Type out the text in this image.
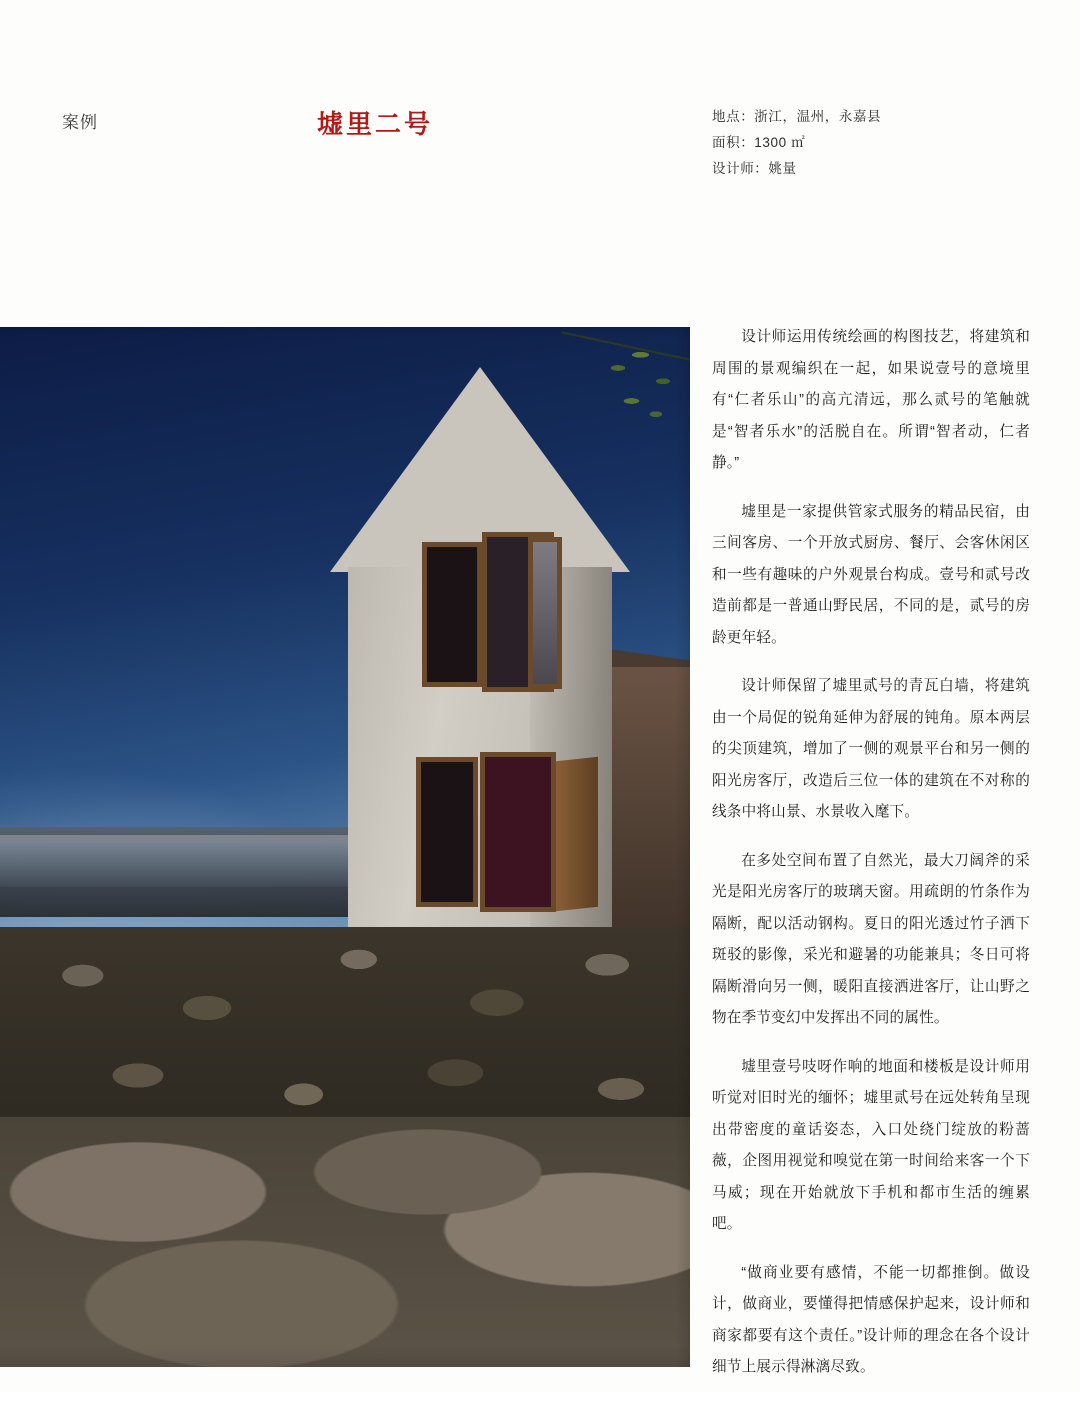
案例	墟里二号	地点：浙江，温州，永嘉县
面积：1300 ㎡
设计师：姚量

设计师运用传统绘画的构图技艺，将建筑和周围的景观编织在一起，如果说壹号的意境里有“仁者乐山”的高亢清远，那么贰号的笔触就是“智者乐水”的活脱自在。所谓“智者动，仁者静。”

墟里是一家提供管家式服务的精品民宿，由三间客房、一个开放式厨房、餐厅、会客休闲区和一些有趣味的户外观景台构成。壹号和贰号改造前都是一普通山野民居，不同的是，贰号的房龄更年轻。

设计师保留了墟里贰号的青瓦白墙，将建筑由一个局促的锐角延伸为舒展的钝角。原本两层的尖顶建筑，增加了一侧的观景平台和另一侧的阳光房客厅，改造后三位一体的建筑在不对称的线条中将山景、水景收入麾下。

在多处空间布置了自然光，最大刀阔斧的采光是阳光房客厅的玻璃天窗。用疏朗的竹条作为隔断，配以活动钢构。夏日的阳光透过竹子洒下斑驳的影像，采光和避暑的功能兼具；冬日可将隔断滑向另一侧，暖阳直接洒进客厅，让山野之物在季节变幻中发挥出不同的属性。

墟里壹号吱呀作响的地面和楼板是设计师用听觉对旧时光的缅怀；墟里贰号在远处转角呈现出带密度的童话姿态，入口处绕门绽放的粉蔷薇，企图用视觉和嗅觉在第一时间给来客一个下马威；现在开始就放下手机和都市生活的缠累吧。

“做商业要有感情，不能一切都推倒。做设计，做商业，要懂得把情感保护起来，设计师和商家都要有这个责任。”设计师的理念在各个设计细节上展示得淋漓尽致。
